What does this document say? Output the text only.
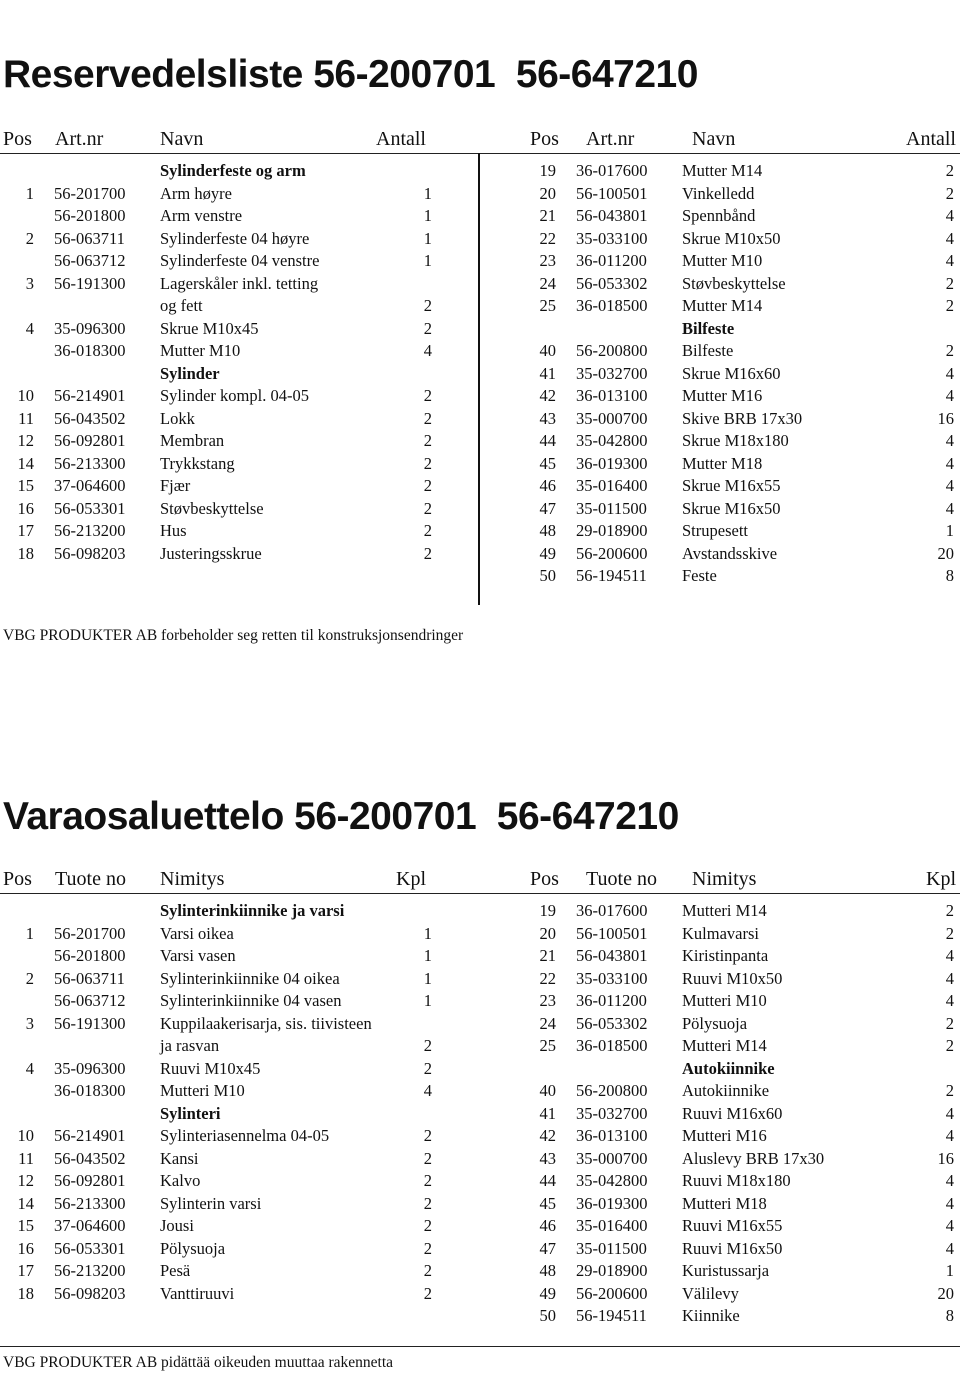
Reservedelsliste 56-200701  56-647210
Pos Art.nr	Navn	Antall	Pos Art.nr	Navn	Antall
Sylinderfeste og arm
1 56-201700 Arm høyre	1
56-201800 Arm venstre	1
2 56-063711 Sylinderfeste 04 høyre	1
56-063712 Sylinderfeste 04 venstre	1
3 56-191300 Lagerskåler inkl. tetting
og fett	2
4 35-096300 Skrue M10x45	2
36-018300 Mutter M10	4
Sylinder
10 56-214901 Sylinder kompl. 04-05	2
11 56-043502 Lokk	2
12 56-092801 Membran	2
14 56-213300 Trykkstang	2
15 37-064600 Fjær	2
16 56-053301 Støvbeskyttelse	2
17 56-213200 Hus	2
18 56-098203 Justeringsskrue	2
19 36-017600 Mutter M14	2
20 56-100501 Vinkelledd	2
21 56-043801 Spennbånd	4
22 35-033100 Skrue M10x50	4
23 36-011200 Mutter M10	4
24 56-053302 Støvbeskyttelse	2
25 36-018500 Mutter M14	2
Bilfeste
40 56-200800 Bilfeste	2
41 35-032700 Skrue M16x60	4
42 36-013100 Mutter M16	4
43 35-000700 Skive BRB 17x30	16
44 35-042800 Skrue M18x180	4
45 36-019300 Mutter M18	4
46 35-016400 Skrue M16x55	4
47 35-011500 Skrue M16x50	4
48 29-018900 Strupesett	1
49 56-200600 Avstandsskive	20
50 56-194511 Feste	8
VBG PRODUKTER AB forbeholder seg retten til konstruksjonsendringer
Varaosaluettelo 56-200701  56-647210
Pos Tuote no Nimitys	Kpl	Pos Tuote no Nimitys	Kpl
Sylinterinkiinnike ja varsi
1 56-201700 Varsi oikea	1
56-201800 Varsi vasen	1
2 56-063711 Sylinterinkiinnike 04 oikea	1
56-063712 Sylinterinkiinnike 04 vasen	1
3 56-191300 Kuppilaakerisarja, sis. tiivisteen
ja rasvan	2
4 35-096300 Ruuvi M10x45	2
36-018300 Mutteri M10	4
Sylinteri
10 56-214901 Sylinteriasennelma 04-05	2
11 56-043502 Kansi	2
12 56-092801 Kalvo	2
14 56-213300 Sylinterin varsi	2
15 37-064600 Jousi	2
16 56-053301 Pölysuoja	2
17 56-213200 Pesä	2
18 56-098203 Vanttiruuvi	2
19 36-017600 Mutteri M14	2
20 56-100501 Kulmavarsi	2
21 56-043801 Kiristinpanta	4
22 35-033100 Ruuvi M10x50	4
23 36-011200 Mutteri M10	4
24 56-053302 Pölysuoja	2
25 36-018500 Mutteri M14	2
Autokiinnike
40 56-200800 Autokiinnike	2
41 35-032700 Ruuvi M16x60	4
42 36-013100 Mutteri M16	4
43 35-000700 Aluslevy BRB 17x30	16
44 35-042800 Ruuvi M18x180	4
45 36-019300 Mutteri M18	4
46 35-016400 Ruuvi M16x55	4
47 35-011500 Ruuvi M16x50	4
48 29-018900 Kuristussarja	1
49 56-200600 Välilevy	20
50 56-194511 Kiinnike	8
VBG PRODUKTER AB pidättää oikeuden muuttaa rakennetta
